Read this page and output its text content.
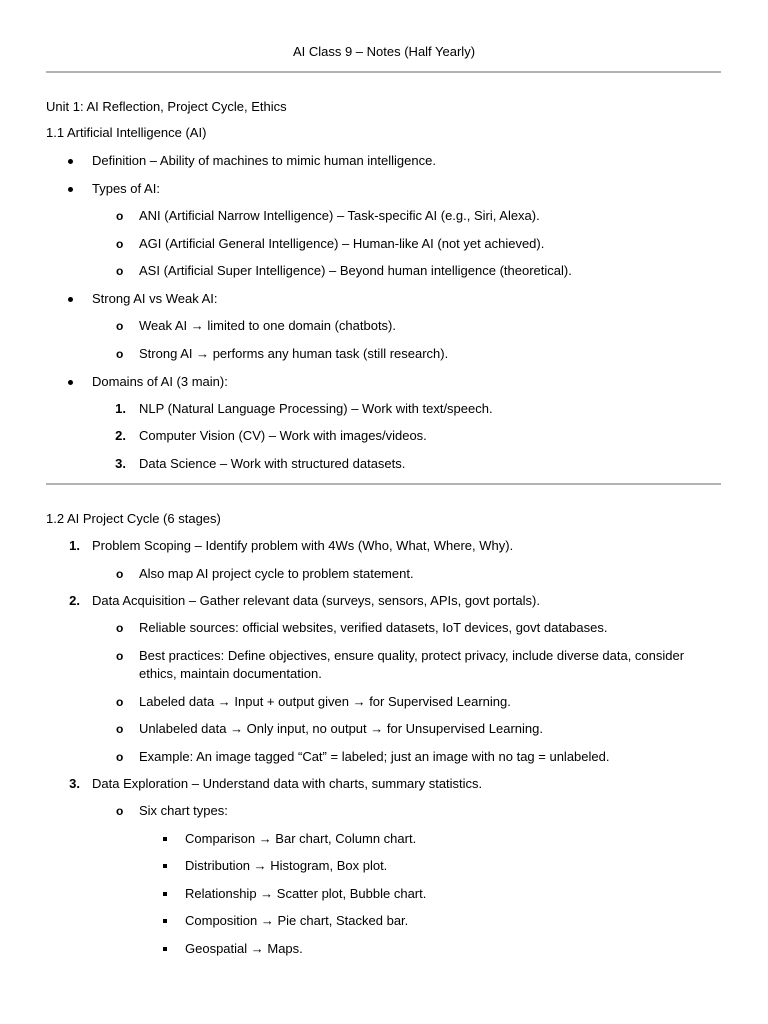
AI Class 9 – Notes (Half Yearly)
Unit 1: AI Reflection, Project Cycle, Ethics
1.1 Artificial Intelligence (AI)
Definition – Ability of machines to mimic human intelligence.
Types of AI:
o ANI (Artificial Narrow Intelligence) – Task-specific AI (e.g., Siri, Alexa).
o AGI (Artificial General Intelligence) – Human-like AI (not yet achieved).
o ASI (Artificial Super Intelligence) – Beyond human intelligence (theoretical).
Strong AI vs Weak AI:
o Weak AI → limited to one domain (chatbots).
o Strong AI → performs any human task (still research).
Domains of AI (3 main):
1. NLP (Natural Language Processing) – Work with text/speech.
2. Computer Vision (CV) – Work with images/videos.
3. Data Science – Work with structured datasets.
1.2 AI Project Cycle (6 stages)
1. Problem Scoping – Identify problem with 4Ws (Who, What, Where, Why).
o Also map AI project cycle to problem statement.
2. Data Acquisition – Gather relevant data (surveys, sensors, APIs, govt portals).
o Reliable sources: official websites, verified datasets, IoT devices, govt databases.
o Best practices: Define objectives, ensure quality, protect privacy, include diverse data, consider ethics, maintain documentation.
o Labeled data → Input + output given → for Supervised Learning.
o Unlabeled data → Only input, no output → for Unsupervised Learning.
o Example: An image tagged “Cat” = labeled; just an image with no tag = unlabeled.
3. Data Exploration – Understand data with charts, summary statistics.
o Six chart types:
Comparison → Bar chart, Column chart.
Distribution → Histogram, Box plot.
Relationship → Scatter plot, Bubble chart.
Composition → Pie chart, Stacked bar.
Geospatial → Maps.
